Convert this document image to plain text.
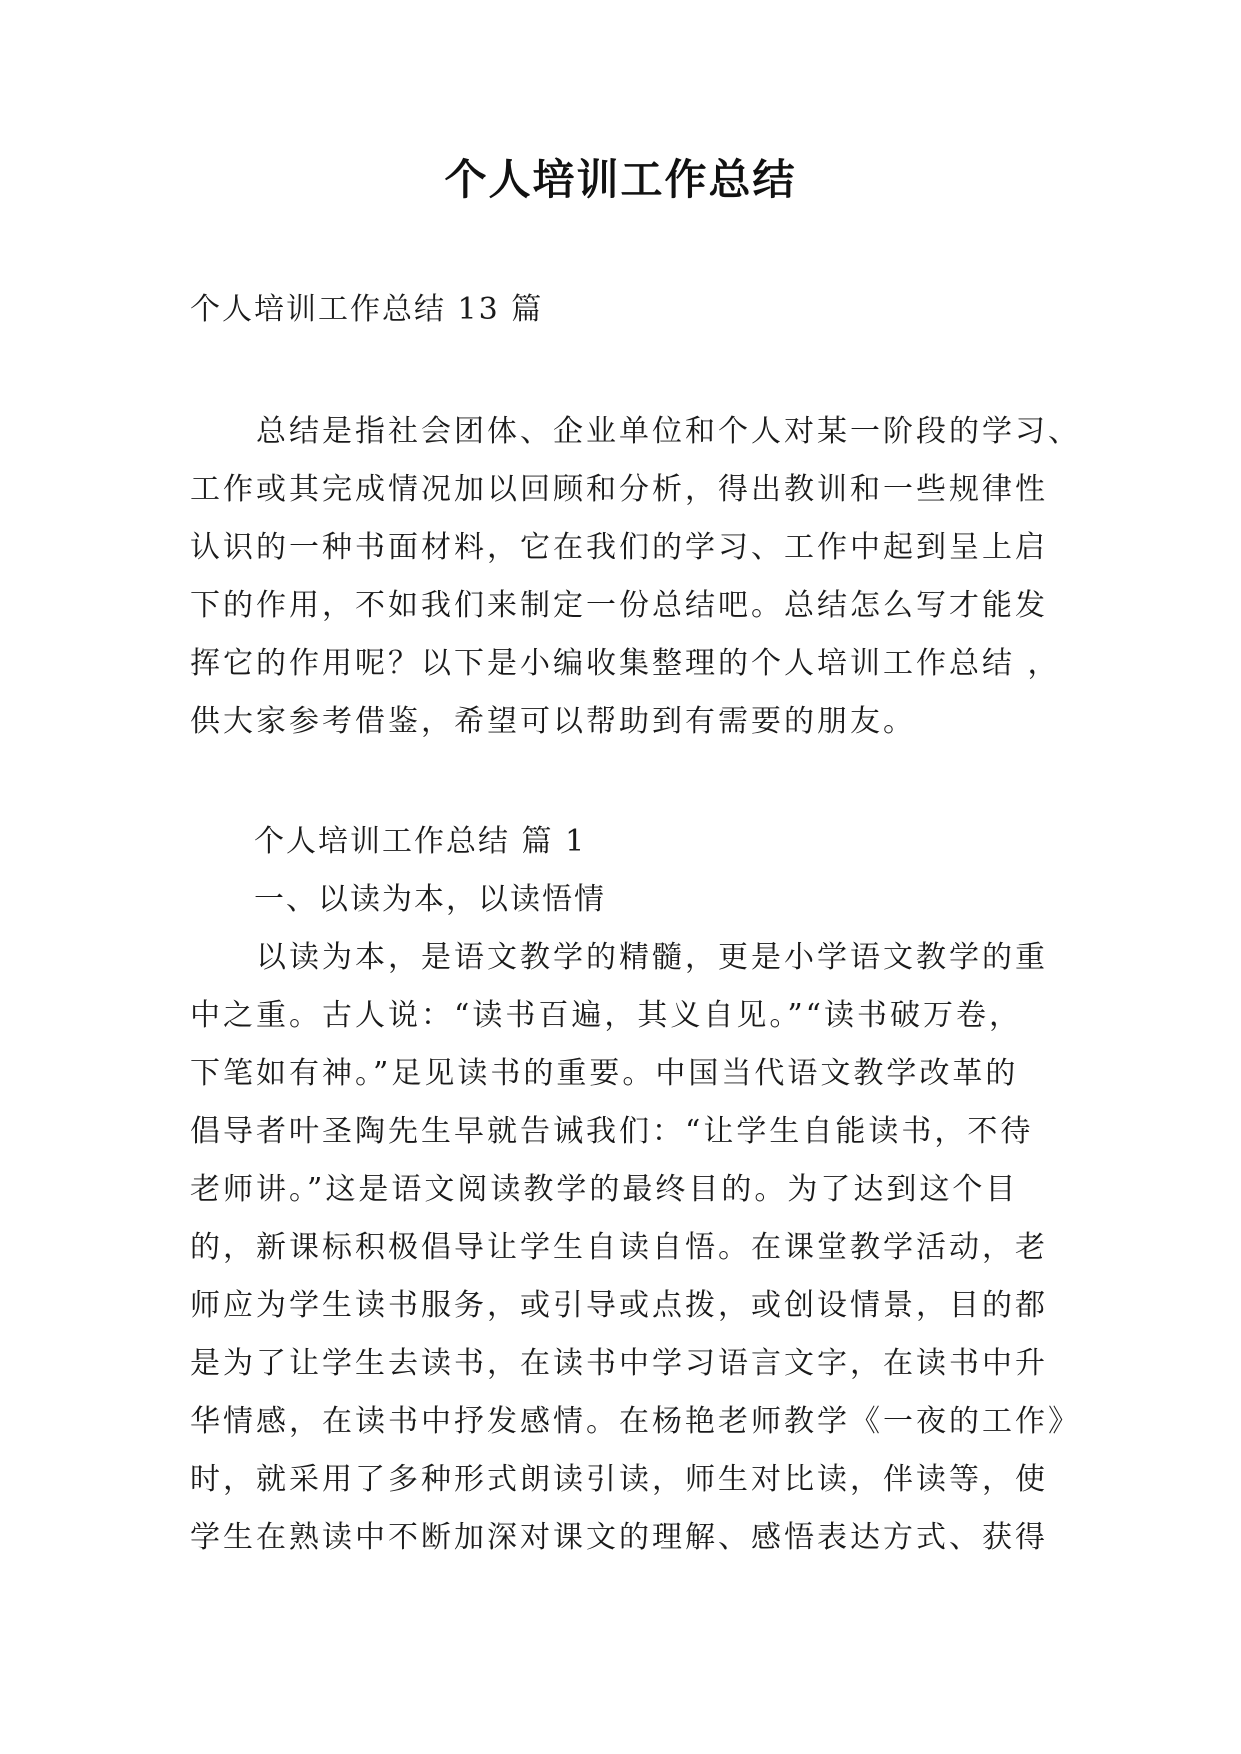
个人培训工作总结
个人培训工作总结 13 篇
　　总结是指社会团体、企业单位和个人对某一阶段的学习、
工作或其完成情况加以回顾和分析，得出教训和一些规律性
认识的一种书面材料，它在我们的学习、工作中起到呈上启
下的作用，不如我们来制定一份总结吧。总结怎么写才能发
挥它的作用呢？以下是小编收集整理的个人培训工作总结 ，
供大家参考借鉴，希望可以帮助到有需要的朋友。
个人培训工作总结 篇 1
一、以读为本，以读悟情
　　以读为本，是语文教学的精髓，更是小学语文教学的重
中之重。古人说：“读书百遍，其义自见。”“读书破万卷，
下笔如有神。”足见读书的重要。中国当代语文教学改革的
倡导者叶圣陶先生早就告诫我们：“让学生自能读书，不待
老师讲。”这是语文阅读教学的最终目的。为了达到这个目
的，新课标积极倡导让学生自读自悟。在课堂教学活动，老
师应为学生读书服务，或引导或点拨，或创设情景，目的都
是为了让学生去读书，在读书中学习语言文字，在读书中升
华情感，在读书中抒发感情。在杨艳老师教学《一夜的工作》
时，就采用了多种形式朗读引读，师生对比读，伴读等，使
学生在熟读中不断加深对课文的理解、感悟表达方式、获得
